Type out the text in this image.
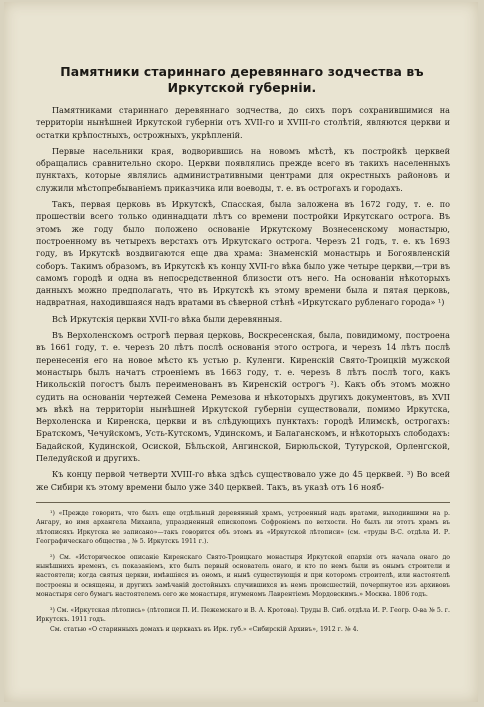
Памятники стариннаго деревяннаго зодчества въ Иркутской губерніи.

Памятниками стариннаго деревяннаго зодчества, до сихъ поръ сохранившимися на территоріи нынѣшней Иркутской губерніи отъ XVII-го и XVIII-го столѣтій, являются церкви и остатки крѣпостныхъ, острожныхъ, укрѣпленій.

Первые насельники края, водворившись на новомъ мѣстѣ, къ постройкѣ церквей обращались сравнительно скоро. Церкви появлялись прежде всего въ такихъ населенныхъ пунктахъ, которые являлись административными центрами для окрестныхъ районовъ и служили мѣстопребыванiемъ приказчика или воеводы, т. е. въ острогахъ и городахъ.

Такъ, первая церковь въ Иркутскѣ, Спасская, была заложена въ 1672 году, т. е. по прошествіи всего только одиннадцати лѣтъ со времени постройки Иркутскаго острога. Въ этомъ же году было положено основаніе Иркутскому Вознесенскому монастырю, построенному въ четырехъ верстахъ отъ Иркутскаго острога. Черезъ 21 годъ, т. е. къ 1693 году, въ Иркутскѣ воздвигаются еще два храма: Знаменскій монастырь и Богоявленскій соборъ. Такимъ образомъ, въ Иркутскѣ къ концу XVII-го вѣка было уже четыре церкви,—три въ самомъ городѣ и одна въ непосредственной близости отъ него. На основаніи нѣкоторыхъ данныхъ можно предполагать, что въ Иркутскѣ къ этому времени была и пятая церковь, надвратная, находившаяся надъ вратами въ сѣверной стѣнѣ «Иркутскаго рубленаго города» ¹)

Всѣ Иркутскія церкви XVII-го вѣка были деревянныя.

Въ Верхоленскомъ острогѣ первая церковь, Воскресенская, была, повидимому, построена въ 1661 году, т. е. черезъ 20 лѣтъ послѣ основанія этого острога, и черезъ 14 лѣтъ послѣ перенесенія его на новое мѣсто къ устью р. Куленги. Киренскій Свято-Троицкій мужской монастырь былъ начатъ строеніемъ въ 1663 году, т. е. черезъ 8 лѣтъ послѣ того, какъ Никольскій погостъ былъ переименованъ въ Киренскій острогъ ²). Какъ объ этомъ можно судить на основаніи чертежей Семена Ремезова и нѣкоторыхъ другихъ документовъ, въ XVII мъ вѣкѣ на территоріи нынѣшней Иркутской губерніи существовали, помимо Иркутска, Верхоленска и Киренска, церкви и въ слѣдующихъ пунктахъ: городѣ Илимскѣ, острогахъ: Братскомъ, Чечуйскомъ, Усть-Кутскомъ, Удинскомъ, и Балаганскомъ, и нѣкоторыхъ слободахъ: Бадайской, Кудинской, Осиской, Бѣльской, Ангинской, Бирюльской, Тутурской, Орленгской, Пеледуйской и другихъ.

Къ концу первой четверти XVIII-го вѣка здѣсь существовало уже до 45 церквей. ³) Во всей же Сибири къ этому времени было уже 340 церквей. Такъ, въ указѣ отъ 16 нояб-

¹) «Прежде говорить, что былъ еще отдѣльный деревянный храмъ, устроенный надъ вратами, выходившими на р. Ангару, во имя архангела Михаила, упраздненный епископомъ Софроніемъ по ветхости. Но былъ ли этотъ храмъ въ лѣтописяхъ Иркутска не записано»—такъ говорится объ этомъ въ «Иркутской лѣтописи» (см. «труды В-С. отдѣла И. Р. Географическаго общества , № 5. Иркутскъ 1911 г.).

²) См. «Историческое описаніе Киренскаго Свято-Троицкаго монастыря Иркутской епархіи отъ начала онаго до нынѣшнихъ временъ, съ показаніемъ, кто былъ первый основатель онаго, и кто по немъ были въ онымъ строители и настоятели; когда святыя церкви, имѣвшіяся въ ономъ, и нынѣ существующія и при которомъ строителѣ, или настоятелѣ построены и освящены, и другихъ замѣчаній достойныхъ случившихся въ немъ происшествій, почерпнутое изъ архивовъ монастыря сего бумагъ настоятелемъ сего же монастыря, игуменомъ Лаврентіемъ Мордовскимъ.» Москва. 1806 годъ.

³) См. «Иркутская лѣтопись» (лѣтописи П. И. Пежемскаго и В. А. Кротова). Труды В. Сиб. отдѣла И. Р. Геогр. О-ва № 5. г. Иркутскъ. 1911 годъ.

См. статью «О старинныхъ домахъ и церквахъ въ Ирк. губ.» «Сибирскій Архивъ», 1912 г. № 4.
